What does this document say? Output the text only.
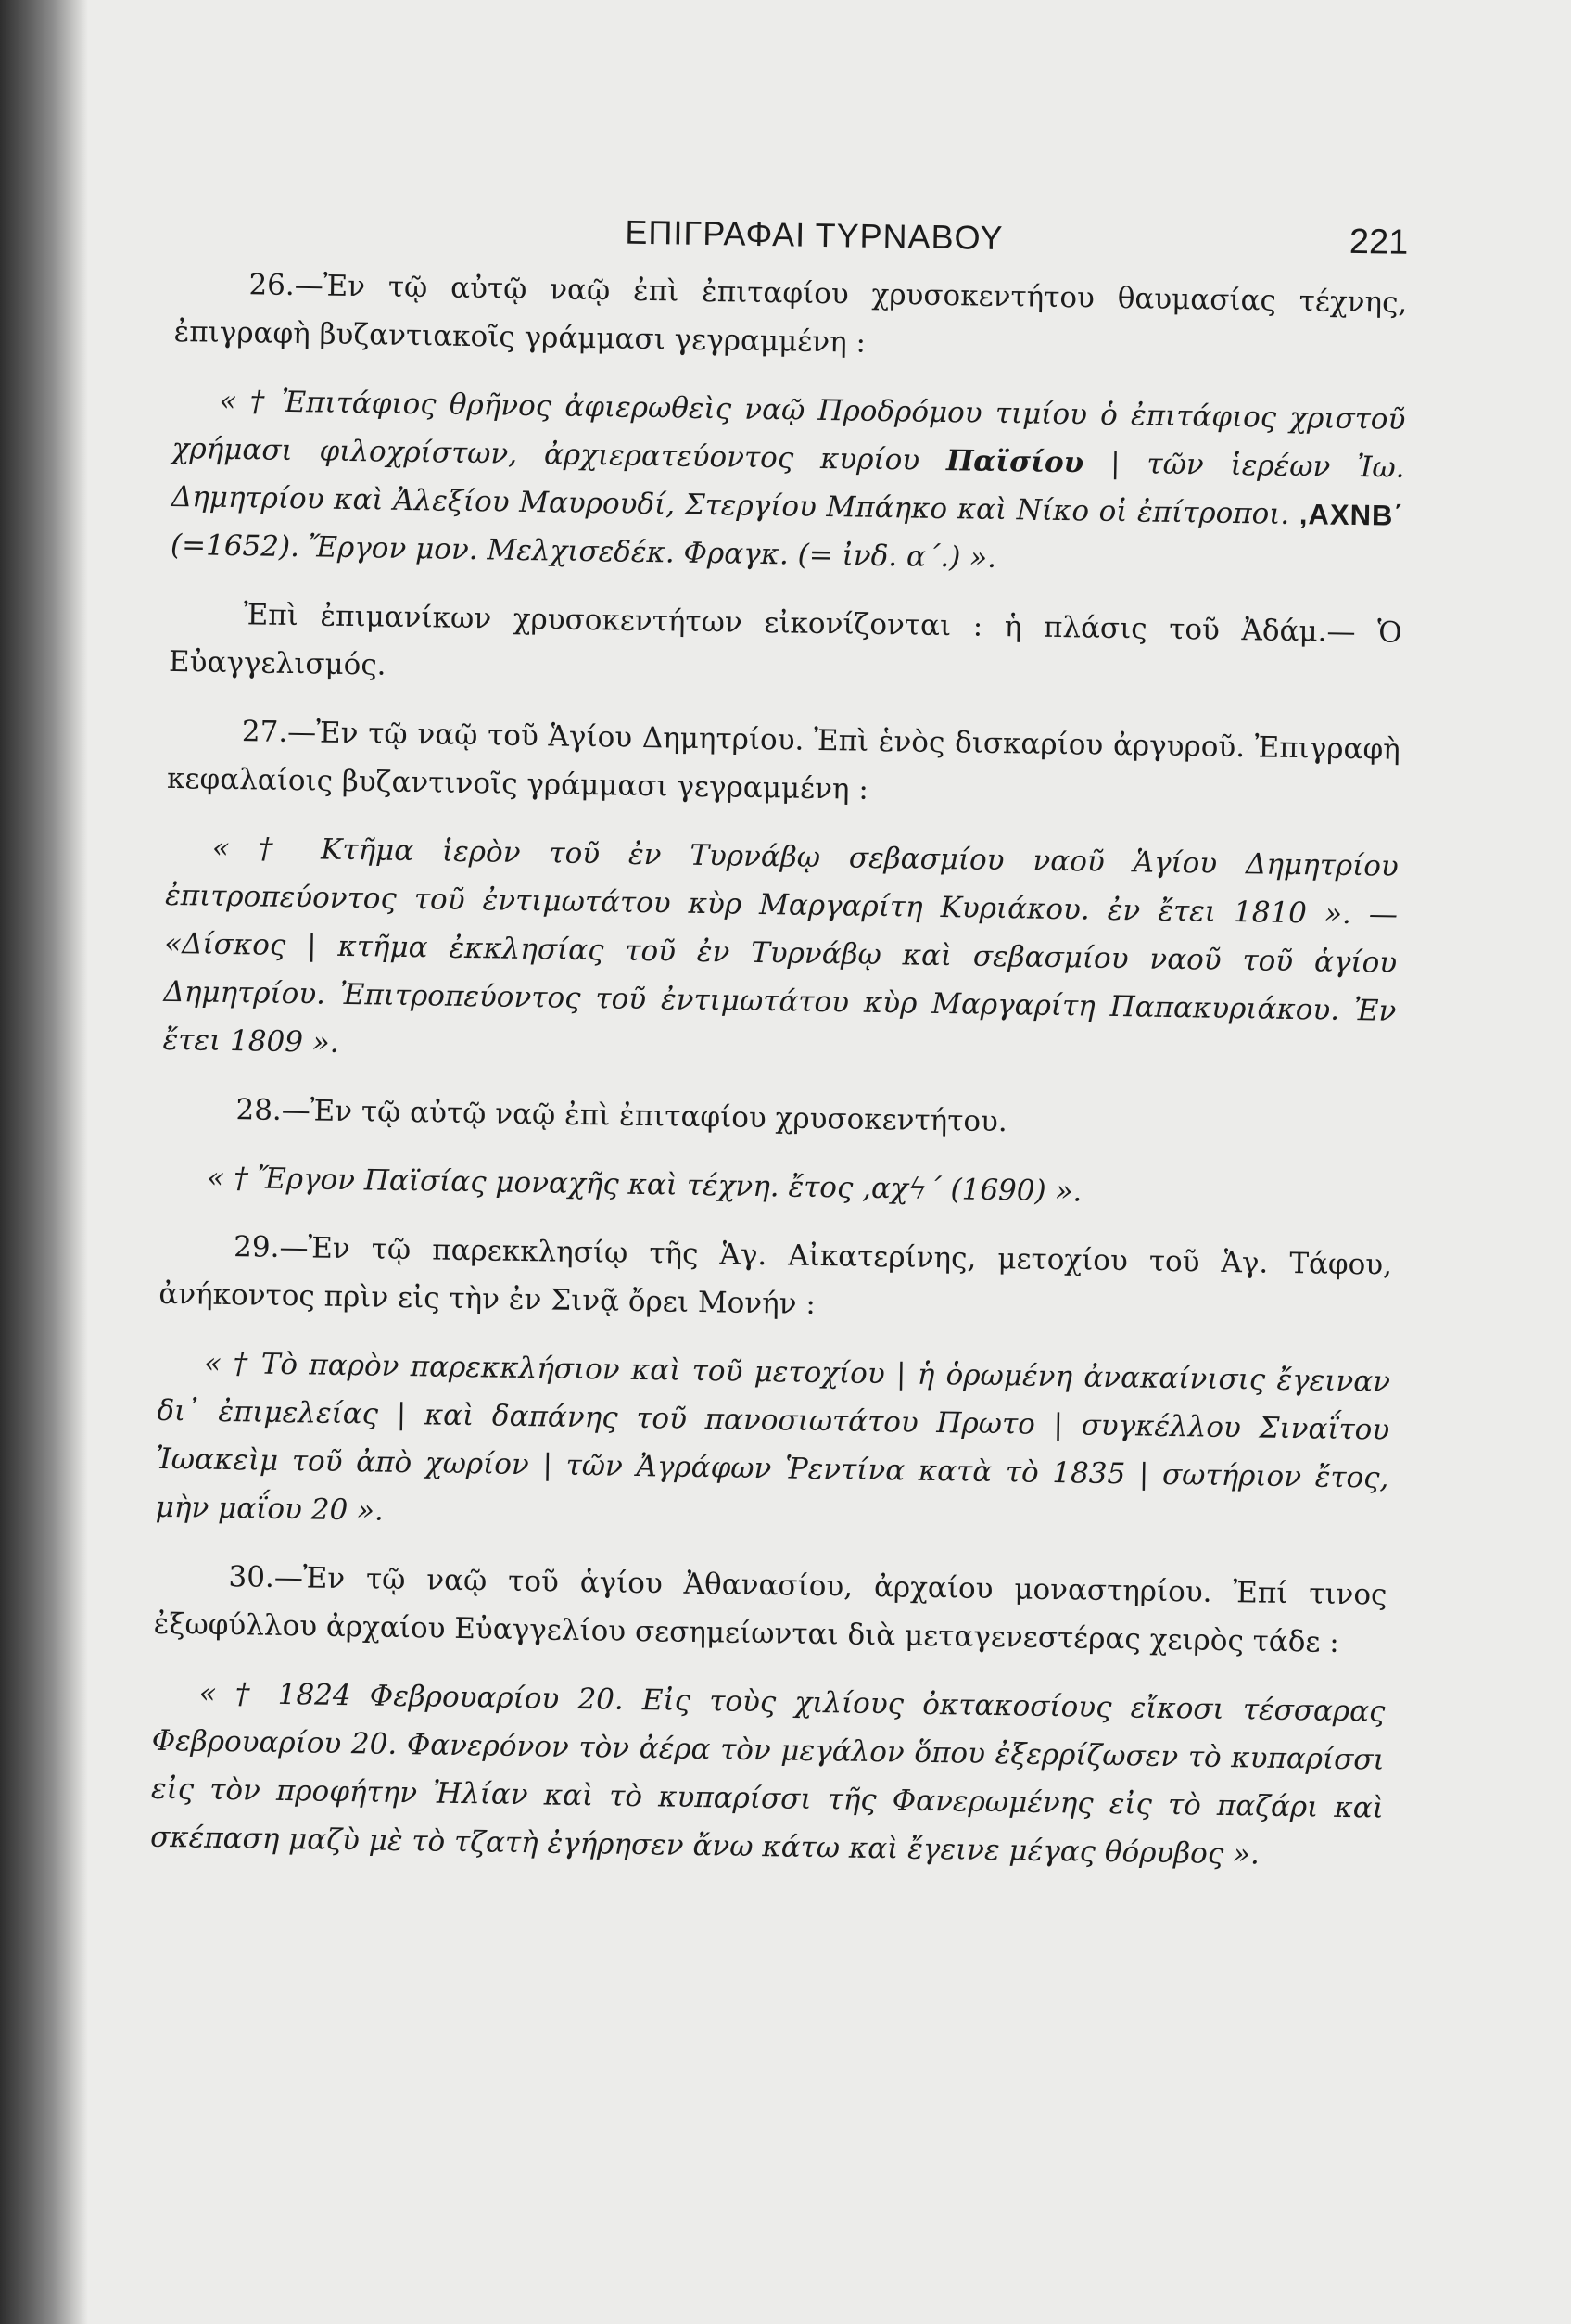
ΕΠΙΓΡΑΦΑΙ ΤΥΡΝΑΒΟΥ	221

26.—Ἐν τῷ αὐτῷ ναῷ ἐπὶ ἐπιταφίου χρυσοκεντήτου θαυμασίας τέχνης, ἐπιγραφὴ βυζαντιακοῖς γράμμασι γεγραμμένη :

« † Ἐπιτάφιος θρῆνος ἀφιερωθεὶς ναῷ Προδρόμου τιμίου ὁ ἐπιτάφιος χριστοῦ χρήμασι φιλοχρίστων, ἀρχιερατεύοντος κυρίου Παϊσίου | τῶν ἱερέων Ἰω. Δημητρίου καὶ Ἀλεξίου Μαυρουδί, Στεργίου Μπάηκο καὶ Νίκο οἱ ἐπίτροποι. ,ΑΧΝΒ΄ (=1652). Ἔργον μον. Μελχισεδέκ. Φραγκ. (= ἰνδ. α΄.) ».

Ἐπὶ ἐπιμανίκων χρυσοκεντήτων εἰκονίζονται : ἡ πλάσις τοῦ Ἀδάμ.— Ὁ Εὐαγγελισμός.

27.—Ἐν τῷ ναῷ τοῦ Ἁγίου Δημητρίου. Ἐπὶ ἑνὸς δισκαρίου ἀργυροῦ. Ἐπιγραφὴ κεφαλαίοις βυζαντινοῖς γράμμασι γεγραμμένη :

« † Κτῆμα ἱερὸν τοῦ ἐν Τυρνάβῳ σεβασμίου ναοῦ Ἁγίου Δημητρίου ἐπιτροπεύοντος τοῦ ἐντιμωτάτου κὺρ Μαργαρίτη Κυριάκου. ἐν ἔτει 1810 ». — «Δίσκος | κτῆμα ἐκκλησίας τοῦ ἐν Τυρνάβῳ καὶ σεβασμίου ναοῦ τοῦ ἁγίου Δημητρίου. Ἐπιτροπεύοντος τοῦ ἐντιμωτάτου κὺρ Μαργαρίτη Παπακυριάκου. Ἐν ἔτει 1809 ».

28.—Ἐν τῷ αὐτῷ ναῷ ἐπὶ ἐπιταφίου χρυσοκεντήτου.

« † Ἔργον Παϊσίας μοναχῆς καὶ τέχνη. ἔτος ,αχϟ΄ (1690) ».

29.—Ἐν τῷ παρεκκλησίῳ τῆς Ἁγ. Αἰκατερίνης, μετοχίου τοῦ Ἁγ. Τάφου, ἀνήκοντος πρὶν εἰς τὴν ἐν Σινᾷ ὄρει Μονήν :

« † Τὸ παρὸν παρεκκλήσιον καὶ τοῦ μετοχίου | ἡ ὁρωμένη ἀνακαίνισις ἔγειναν δι᾽ ἐπιμελείας | καὶ δαπάνης τοῦ πανοσιωτάτου Πρωτο | συγκέλλου Σιναΐτου Ἰωακεὶμ τοῦ ἀπὸ χωρίον | τῶν Ἀγράφων Ῥεντίνα κατὰ τὸ 1835 | σωτήριον ἔτος, μὴν μαΐου 20 ».

30.—Ἐν τῷ ναῷ τοῦ ἁγίου Ἀθανασίου, ἀρχαίου μοναστηρίου. Ἐπί τινος ἐξωφύλλου ἀρχαίου Εὐαγγελίου σεσημείωνται διὰ μεταγενεστέρας χειρὸς τάδε :

« † 1824 Φεβρουαρίου 20. Εἰς τοὺς χιλίους ὀκτακοσίους εἴκοσι τέσσαρας Φεβρουαρίου 20. Φανερόνον τὸν ἀέρα τὸν μεγάλον ὅπου ἐξερρίζωσεν τὸ κυπαρίσσι εἰς τὸν προφήτην Ἠλίαν καὶ τὸ κυπαρίσσι τῆς Φανερωμένης εἰς τὸ παζάρι καὶ σκέπαση μαζὺ μὲ τὸ τζατὴ ἐγήρησεν ἄνω κάτω καὶ ἔγεινε μέγας θόρυβος ».
